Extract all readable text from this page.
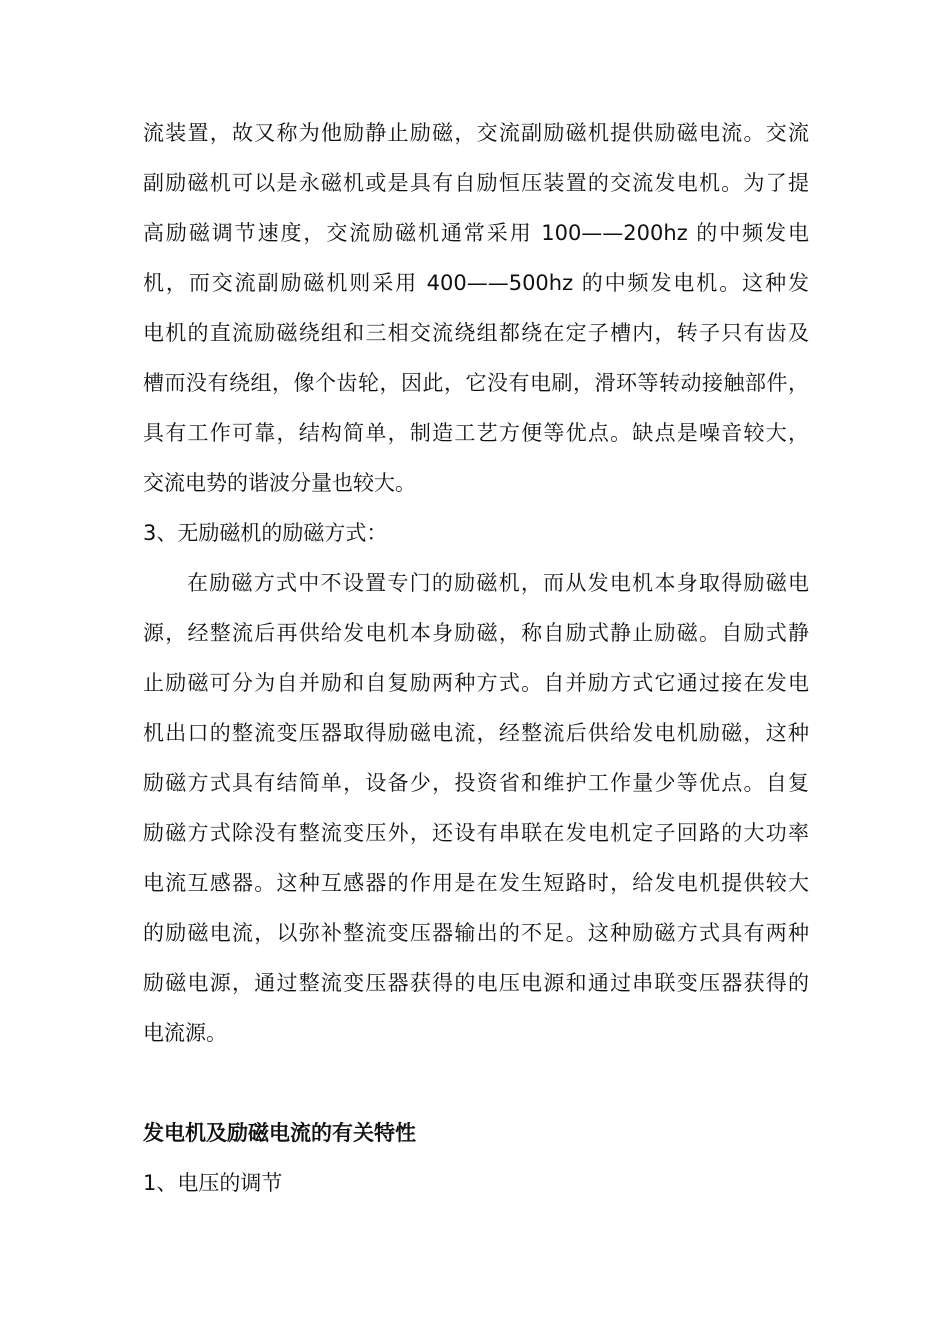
流装置，故又称为他励静止励磁，交流副励磁机提供励磁电流。交流
副励磁机可以是永磁机或是具有自励恒压装置的交流发电机。为了提
高励磁调节速度，交流励磁机通常采用 100——200hz 的中频发电
机，而交流副励磁机则采用 400——500hz 的中频发电机。这种发
电机的直流励磁绕组和三相交流绕组都绕在定子槽内，转子只有齿及
槽而没有绕组，像个齿轮，因此，它没有电刷，滑环等转动接触部件，
具有工作可靠，结构简单，制造工艺方便等优点。缺点是噪音较大，
交流电势的谐波分量也较大。
3、无励磁机的励磁方式：
在励磁方式中不设置专门的励磁机，而从发电机本身取得励磁电
源，经整流后再供给发电机本身励磁，称自励式静止励磁。自励式静
止励磁可分为自并励和自复励两种方式。自并励方式它通过接在发电
机出口的整流变压器取得励磁电流，经整流后供给发电机励磁，这种
励磁方式具有结简单，设备少，投资省和维护工作量少等优点。自复
励磁方式除没有整流变压外，还设有串联在发电机定子回路的大功率
电流互感器。这种互感器的作用是在发生短路时，给发电机提供较大
的励磁电流，以弥补整流变压器输出的不足。这种励磁方式具有两种
励磁电源，通过整流变压器获得的电压电源和通过串联变压器获得的
电流源。
发电机及励磁电流的有关特性
1、电压的调节
